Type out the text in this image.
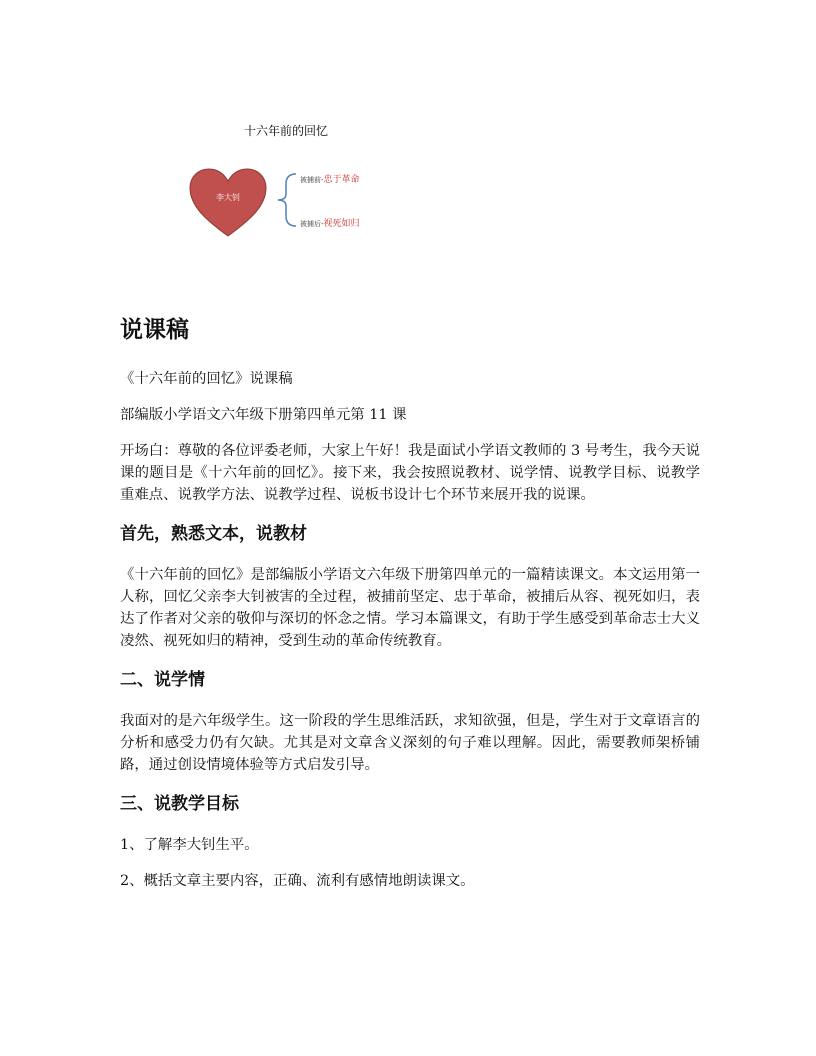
十六年前的回忆
李大钊
被捕前-忠于革命
被捕后-视死如归
说课稿

《十六年前的回忆》说课稿

部编版小学语文六年级下册第四单元第 11 课

开场白：尊敬的各位评委老师，大家上午好！我是面试小学语文教师的 3 号考生，我今天说课的题目是《十六年前的回忆》。接下来，我会按照说教材、说学情、说教学目标、说教学重难点、说教学方法、说教学过程、说板书设计七个环节来展开我的说课。

首先，熟悉文本，说教材

《十六年前的回忆》是部编版小学语文六年级下册第四单元的一篇精读课文。本文运用第一人称，回忆父亲李大钊被害的全过程，被捕前坚定、忠于革命，被捕后从容、视死如归，表达了作者对父亲的敬仰与深切的怀念之情。学习本篇课文，有助于学生感受到革命志士大义凌然、视死如归的精神，受到生动的革命传统教育。

二、说学情

我面对的是六年级学生。这一阶段的学生思维活跃，求知欲强，但是，学生对于文章语言的分析和感受力仍有欠缺。尤其是对文章含义深刻的句子难以理解。因此，需要教师架桥铺路，通过创设情境体验等方式启发引导。

三、说教学目标

1、了解李大钊生平。

2、概括文章主要内容，正确、流利有感情地朗读课文。
